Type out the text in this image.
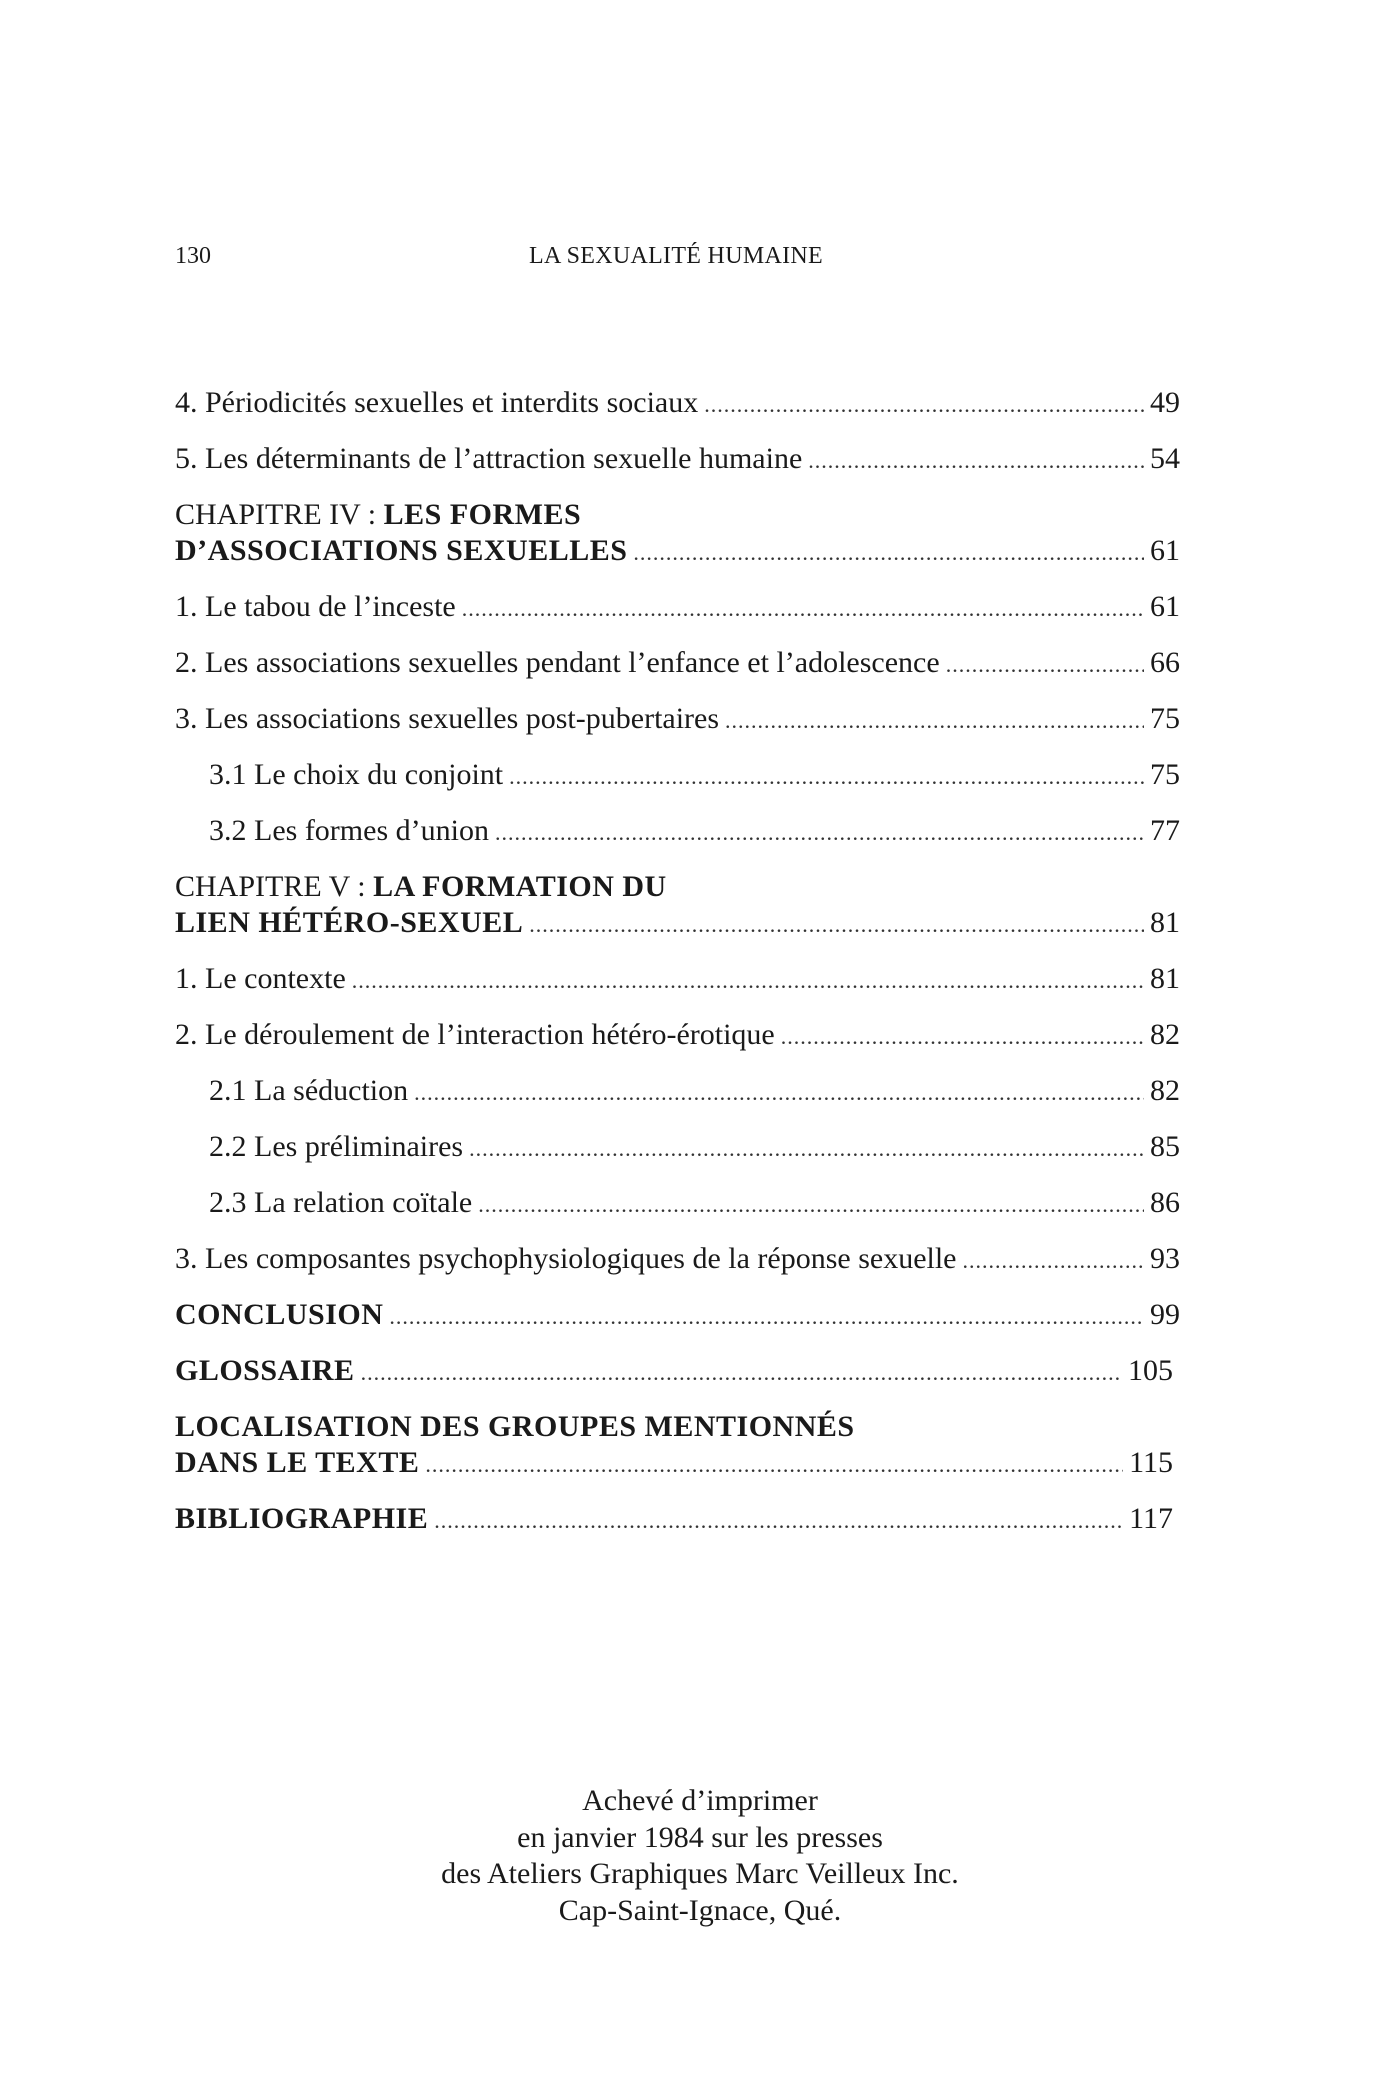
130	LA SEXUALITÉ HUMAINE
4. Périodicités sexuelles et interdits sociaux .....	49
5. Les déterminants de l’attraction sexuelle humaine .....	54
CHAPITRE IV : LES FORMES
D’ASSOCIATIONS SEXUELLES .....	61
1. Le tabou de l’inceste .....	61
2. Les associations sexuelles pendant l’enfance et l’adolescence .....	66
3. Les associations sexuelles post-pubertaires .....	75
3.1 Le choix du conjoint .....	75
3.2 Les formes d’union .....	77
CHAPITRE V : LA FORMATION DU
LIEN HÉTÉRO-SEXUEL .....	81
1. Le contexte .....	81
2. Le déroulement de l’interaction hétéro-érotique .....	82
2.1 La séduction .....	82
2.2 Les préliminaires .....	85
2.3 La relation coïtale .....	86
3. Les composantes psychophysiologiques de la réponse sexuelle .....	93
CONCLUSION .....	99
GLOSSAIRE .....	105
LOCALISATION DES GROUPES MENTIONNÉS
DANS LE TEXTE .....	115
BIBLIOGRAPHIE .....	117
Achevé d’imprimer
en janvier 1984 sur les presses
des Ateliers Graphiques Marc Veilleux Inc.
Cap-Saint-Ignace, Qué.
